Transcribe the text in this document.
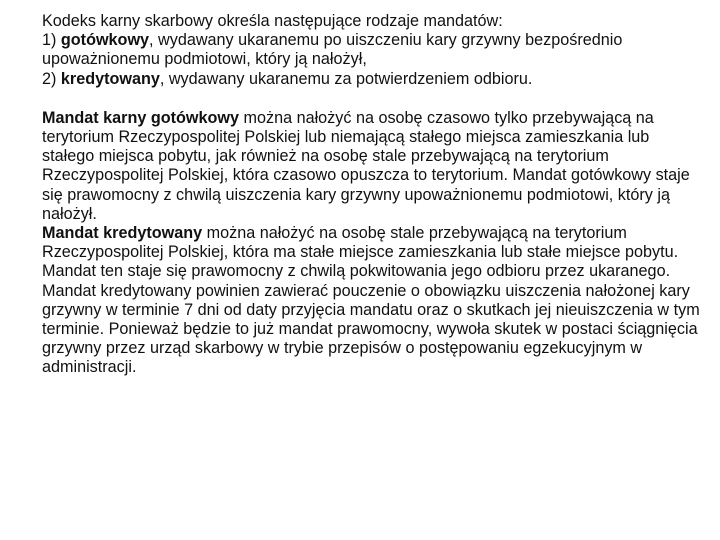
Kodeks karny skarbowy określa następujące rodzaje mandatów:

1) gotówkowy, wydawany ukaranemu po uiszczeniu kary grzywny bezpośrednio upoważnionemu podmiotowi, który ją nałożył,

2) kredytowany, wydawany ukaranemu za potwierdzeniem odbioru.

Mandat karny gotówkowy można nałożyć na osobę czasowo tylko przebywającą na terytorium Rzeczypospolitej Polskiej lub niemającą stałego miejsca zamieszkania lub stałego miejsca pobytu, jak również na osobę stale przebywającą na terytorium Rzeczypospolitej Polskiej, która czasowo opuszcza to terytorium. Mandat gotówkowy staje się prawomocny z chwilą uiszczenia kary grzywny upoważnionemu podmiotowi, który ją nałożył.

Mandat kredytowany można nałożyć na osobę stale przebywającą na terytorium Rzeczypospolitej Polskiej, która ma stałe miejsce zamieszkania lub stałe miejsce pobytu. Mandat ten staje się prawomocny z chwilą pokwitowania jego odbioru przez ukaranego. Mandat kredytowany powinien zawierać pouczenie o obowiązku uiszczenia nałożonej kary grzywny w terminie 7 dni od daty przyjęcia mandatu oraz o skutkach jej nieuiszczenia w tym terminie. Ponieważ będzie to już mandat prawomocny, wywoła skutek w postaci ściągnięcia grzywny przez urząd skarbowy w trybie przepisów o postępowaniu egzekucyjnym w administracji.
